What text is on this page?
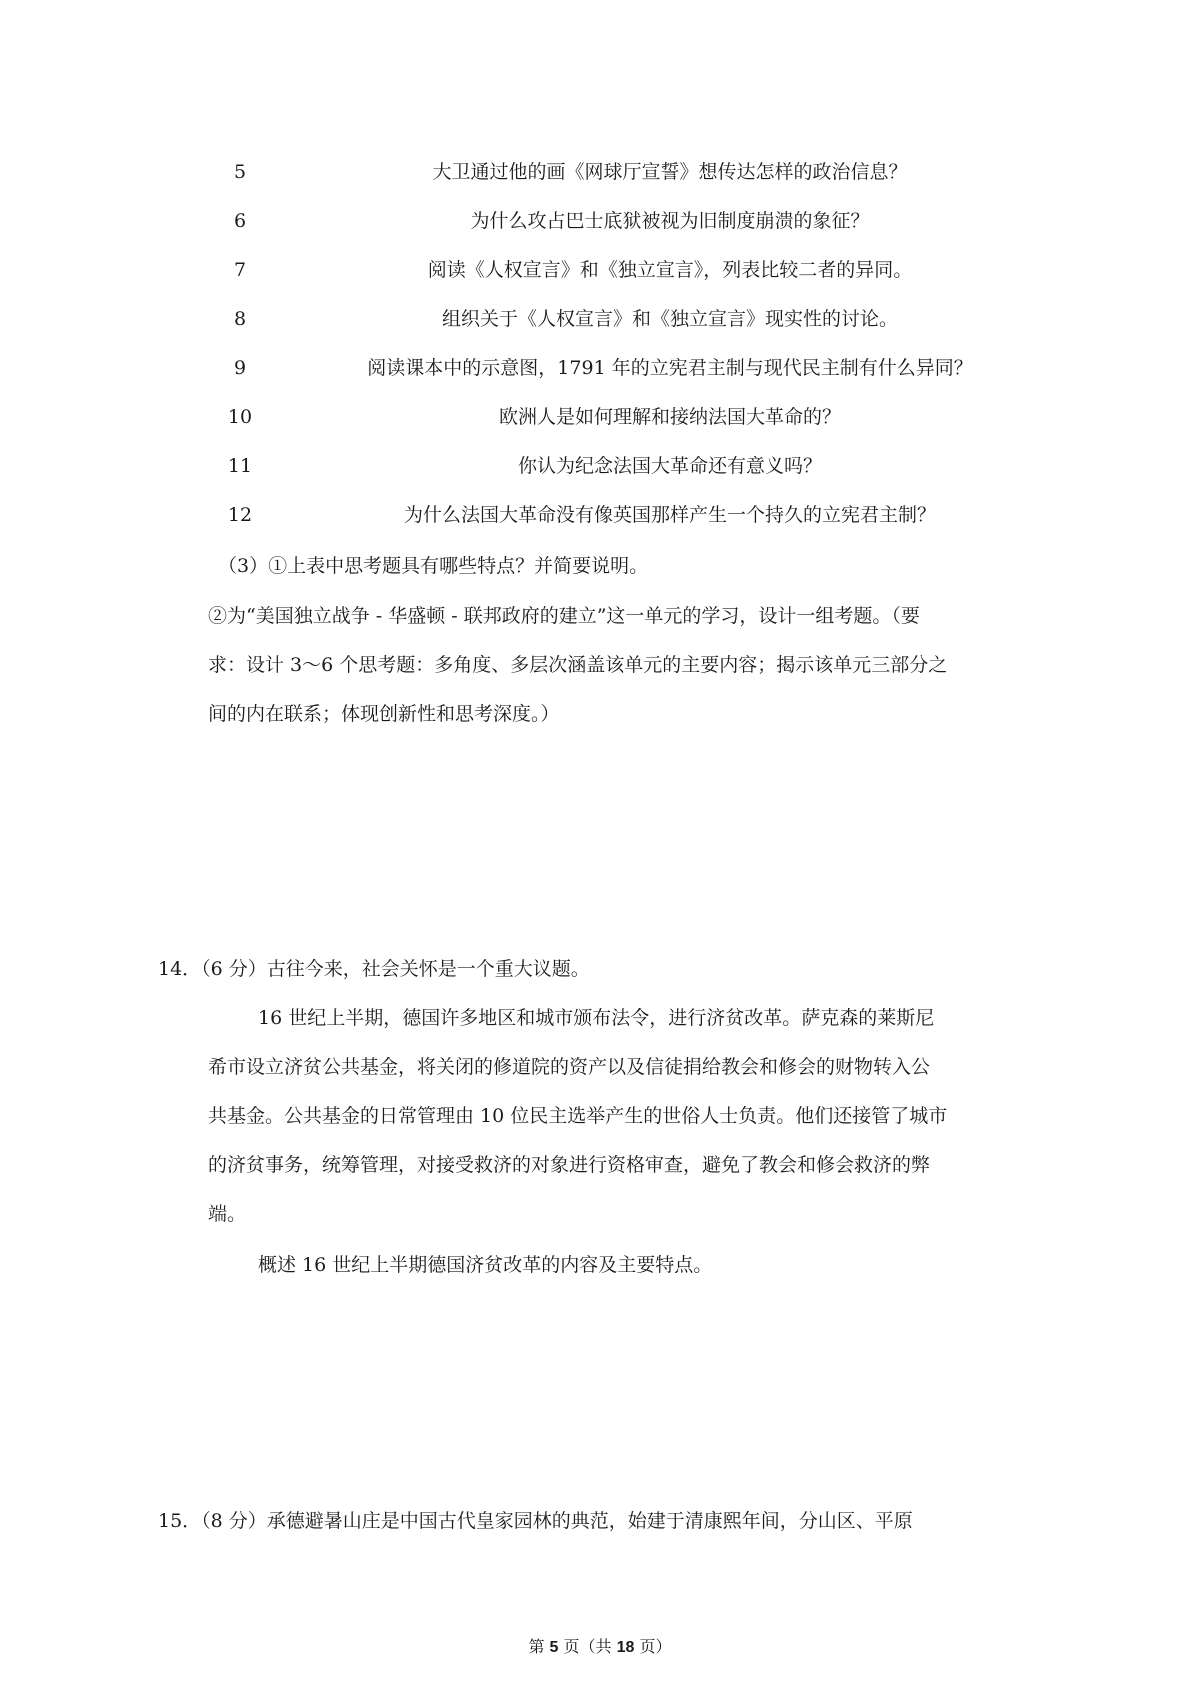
5	大卫通过他的画《网球厅宣誓》想传达怎样的政治信息？
6	为什么攻占巴士底狱被视为旧制度崩溃的象征？
7	阅读《人权宣言》和《独立宣言》，列表比较二者的异同。
8	组织关于《人权宣言》和《独立宣言》现实性的讨论。
9	阅读课本中的示意图，1791 年的立宪君主制与现代民主制有什么异同？
10	欧洲人是如何理解和接纳法国大革命的？
11	你认为纪念法国大革命还有意义吗？
12	为什么法国大革命没有像英国那样产生一个持久的立宪君主制？
（3）①上表中思考题具有哪些特点？并简要说明。
②为“美国独立战争 - 华盛顿 - 联邦政府的建立”这一单元的学习，设计一组考题。（要
求：设计 3～6 个思考题：多角度、多层次涵盖该单元的主要内容；揭示该单元三部分之
间的内在联系；体现创新性和思考深度。）
14．（6 分）古往今来，社会关怀是一个重大议题。
16 世纪上半期，德国许多地区和城市颁布法令，进行济贫改革。萨克森的莱斯尼
希市设立济贫公共基金，将关闭的修道院的资产以及信徒捐给教会和修会的财物转入公
共基金。公共基金的日常管理由 10 位民主选举产生的世俗人士负责。他们还接管了城市
的济贫事务，统筹管理，对接受救济的对象进行资格审查，避免了教会和修会救济的弊
端。
概述 16 世纪上半期德国济贫改革的内容及主要特点。
15．（8 分）承德避暑山庄是中国古代皇家园林的典范，始建于清康熙年间，分山区、平原
第 5 页（共 18 页）
